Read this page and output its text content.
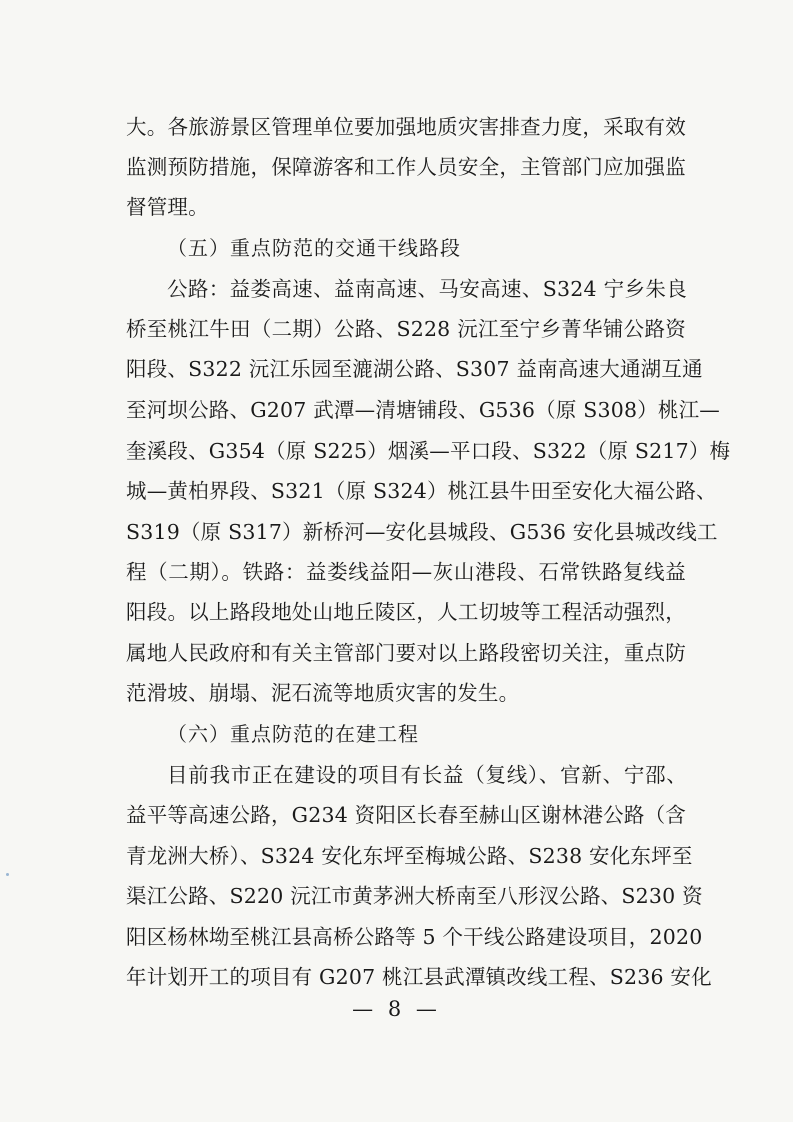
大。各旅游景区管理单位要加强地质灾害排查力度，采取有效
监测预防措施，保障游客和工作人员安全，主管部门应加强监
督管理。
（五）重点防范的交通干线路段
公路：益娄高速、益南高速、马安高速、S324 宁乡朱良
桥至桃江牛田（二期）公路、S228 沅江至宁乡菁华铺公路资
阳段、S322 沅江乐园至漉湖公路、S307 益南高速大通湖互通
至河坝公路、G207 武潭—清塘铺段、G536（原 S308）桃江—
奎溪段、G354（原 S225）烟溪—平口段、S322（原 S217）梅
城—黄柏界段、S321（原 S324）桃江县牛田至安化大福公路、
S319（原 S317）新桥河—安化县城段、G536 安化县城改线工
程（二期）。铁路：益娄线益阳—灰山港段、石常铁路复线益
阳段。以上路段地处山地丘陵区，人工切坡等工程活动强烈，
属地人民政府和有关主管部门要对以上路段密切关注，重点防
范滑坡、崩塌、泥石流等地质灾害的发生。
（六）重点防范的在建工程
目前我市正在建设的项目有长益（复线）、官新、宁邵、
益平等高速公路，G234 资阳区长春至赫山区谢林港公路（含
青龙洲大桥）、S324 安化东坪至梅城公路、S238 安化东坪至
渠江公路、S220 沅江市黄茅洲大桥南至八形汊公路、S230 资
阳区杨林坳至桃江县高桥公路等 5 个干线公路建设项目，2020
年计划开工的项目有 G207 桃江县武潭镇改线工程、S236 安化
— 8 —
